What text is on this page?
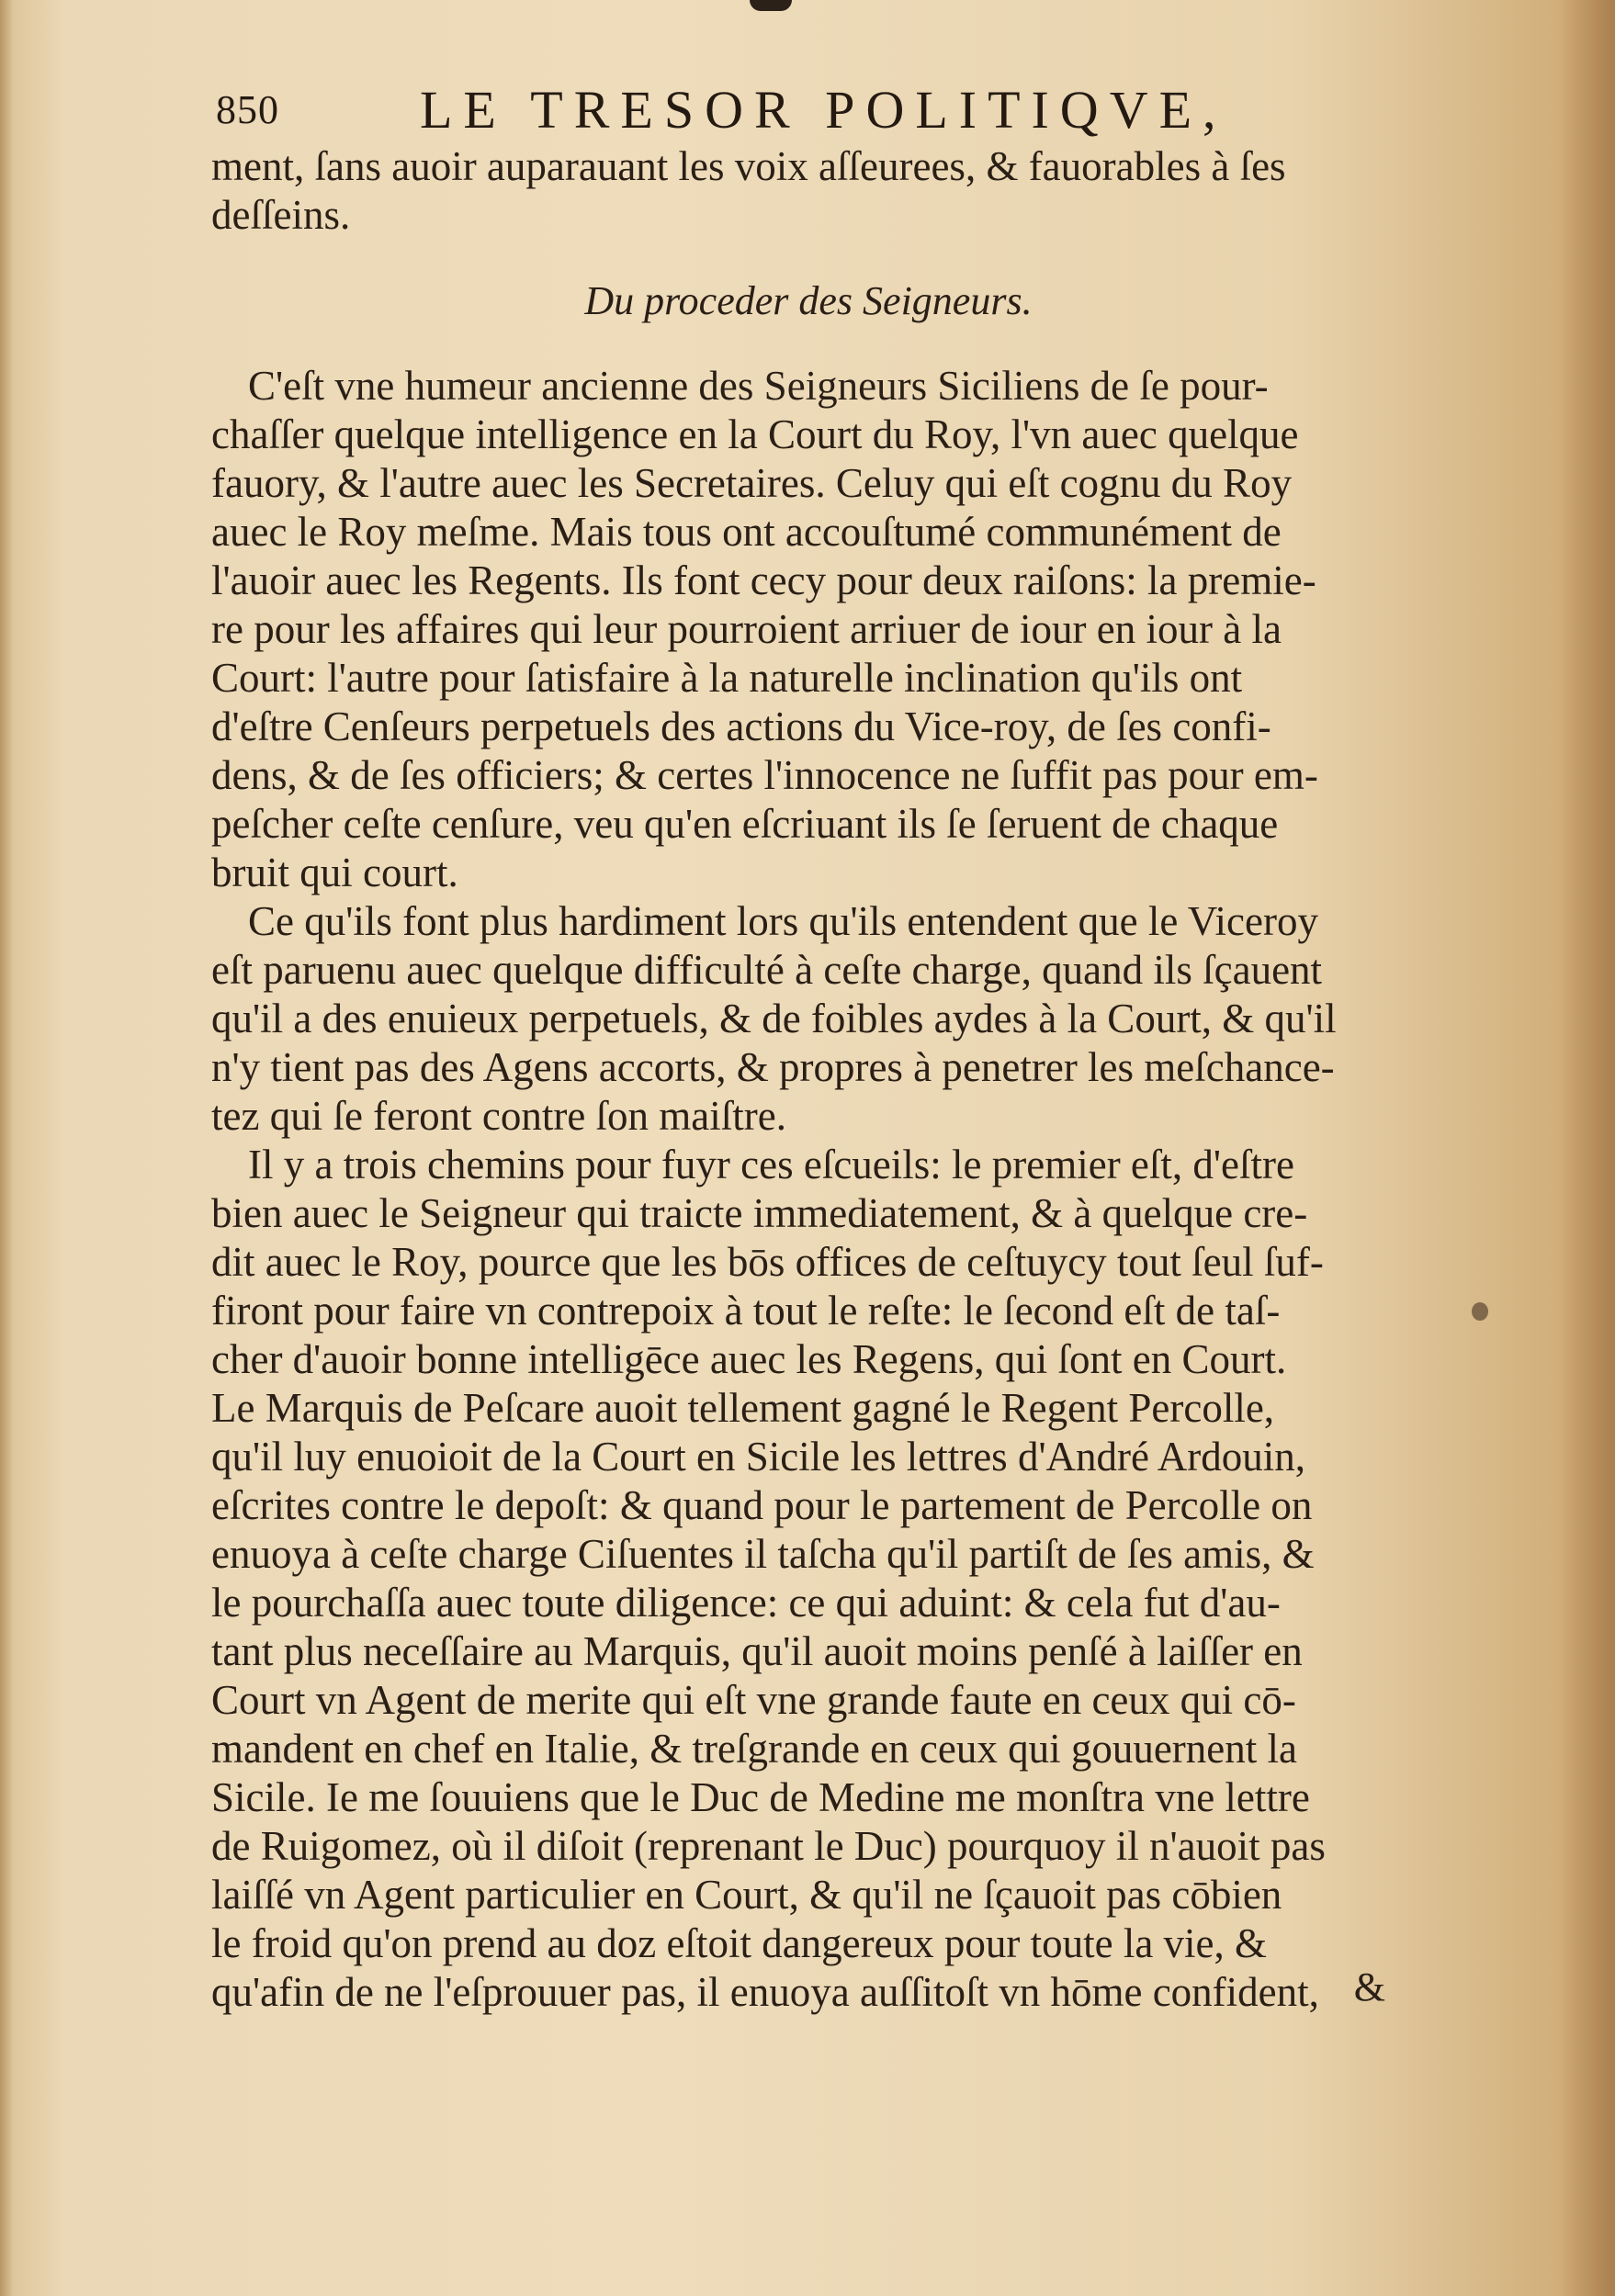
850	LE TRESOR POLITIQVE,
ment, ſans auoir auparauant les voix aſſeurees, & fauorables à ſes
deſſeins.
Du proceder des Seigneurs.
C'eſt vne humeur ancienne des Seigneurs Siciliens de ſe pour-
chaſſer quelque intelligence en la Court du Roy, l'vn auec quelque
fauory, & l'autre auec les Secretaires. Celuy qui eſt cognu du Roy
auec le Roy meſme. Mais tous ont accouſtumé communément de
l'auoir auec les Regents. Ils font cecy pour deux raiſons: la premie-
re pour les affaires qui leur pourroient arriuer de iour en iour à la
Court: l'autre pour ſatisfaire à la naturelle inclination qu'ils ont
d'eſtre Cenſeurs perpetuels des actions du Vice-roy, de ſes confi-
dens, & de ſes officiers; & certes l'innocence ne ſuffit pas pour em-
peſcher ceſte cenſure, veu qu'en eſcriuant ils ſe ſeruent de chaque
bruit qui court.
Ce qu'ils font plus hardiment lors qu'ils entendent que le Viceroy
eſt paruenu auec quelque difficulté à ceſte charge, quand ils ſçauent
qu'il a des enuieux perpetuels, & de foibles aydes à la Court, & qu'il
n'y tient pas des Agens accorts, & propres à penetrer les meſchance-
tez qui ſe feront contre ſon maiſtre.
Il y a trois chemins pour fuyr ces eſcueils: le premier eſt, d'eſtre
bien auec le Seigneur qui traicte immediatement, & à quelque cre-
dit auec le Roy, pource que les bōs offices de ceſtuycy tout ſeul ſuf-
firont pour faire vn contrepoix à tout le reſte: le ſecond eſt de taſ-
cher d'auoir bonne intelligēce auec les Regens, qui ſont en Court.
Le Marquis de Peſcare auoit tellement gagné le Regent Percolle,
qu'il luy enuoioit de la Court en Sicile les lettres d'André Ardouin,
eſcrites contre le depoſt: & quand pour le partement de Percolle on
enuoya à ceſte charge Ciſuentes il taſcha qu'il partiſt de ſes amis, &
le pourchaſſa auec toute diligence: ce qui aduint: & cela fut d'au-
tant plus neceſſaire au Marquis, qu'il auoit moins penſé à laiſſer en
Court vn Agent de merite qui eſt vne grande faute en ceux qui cō-
mandent en chef en Italie, & treſgrande en ceux qui gouuernent la
Sicile. Ie me ſouuiens que le Duc de Medine me monſtra vne lettre
de Ruigomez, où il diſoit (reprenant le Duc) pourquoy il n'auoit pas
laiſſé vn Agent particulier en Court, & qu'il ne ſçauoit pas cōbien
le froid qu'on prend au doz eſtoit dangereux pour toute la vie, &
qu'afin de ne l'eſprouuer pas, il enuoya auſſitoſt vn hōme confident, &
